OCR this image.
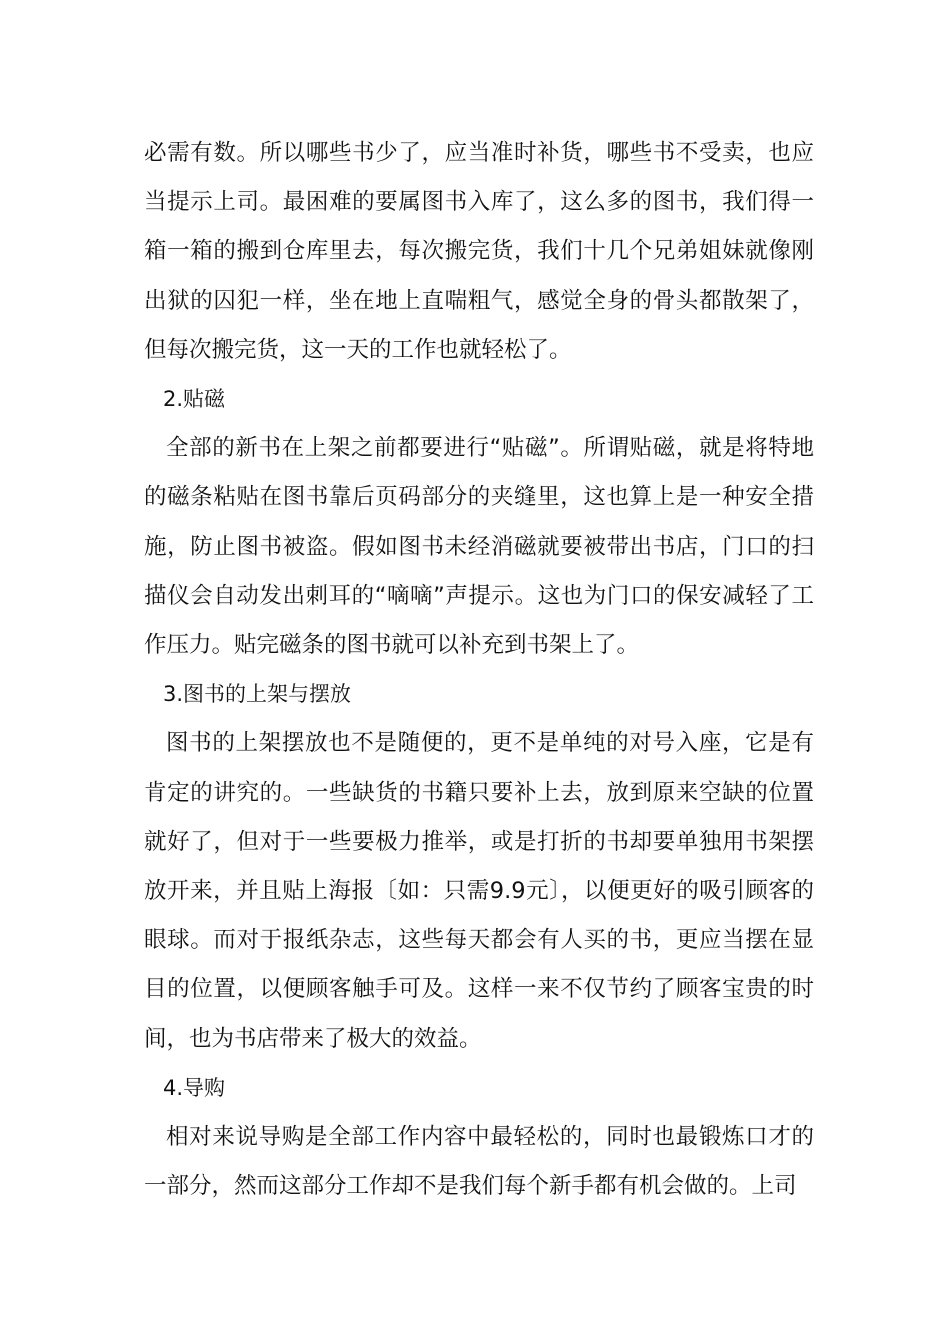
必需有数。所以哪些书少了，应当准时补货，哪些书不受卖，也应当提示上司。最困难的要属图书入库了，这么多的图书，我们得一箱一箱的搬到仓库里去，每次搬完货，我们十几个兄弟姐妹就像刚出狱的囚犯一样，坐在地上直喘粗气，感觉全身的骨头都散架了，但每次搬完货，这一天的工作也就轻松了。

2.贴磁

全部的新书在上架之前都要进行“贴磁”。所谓贴磁，就是将特地的磁条粘贴在图书靠后页码部分的夹缝里，这也算上是一种安全措施，防止图书被盗。假如图书未经消磁就要被带出书店，门口的扫描仪会自动发出刺耳的“嘀嘀”声提示。这也为门口的保安减轻了工作压力。贴完磁条的图书就可以补充到书架上了。

3.图书的上架与摆放

图书的上架摆放也不是随便的，更不是单纯的对号入座，它是有肯定的讲究的。一些缺货的书籍只要补上去，放到原来空缺的位置就好了，但对于一些要极力推举，或是打折的书却要单独用书架摆放开来，并且贴上海报〔如：只需9.9元〕，以便更好的吸引顾客的眼球。而对于报纸杂志，这些每天都会有人买的书，更应当摆在显目的位置，以便顾客触手可及。这样一来不仅节约了顾客宝贵的时间，也为书店带来了极大的效益。

4.导购

相对来说导购是全部工作内容中最轻松的，同时也最锻炼口才的一部分，然而这部分工作却不是我们每个新手都有机会做的。上司
